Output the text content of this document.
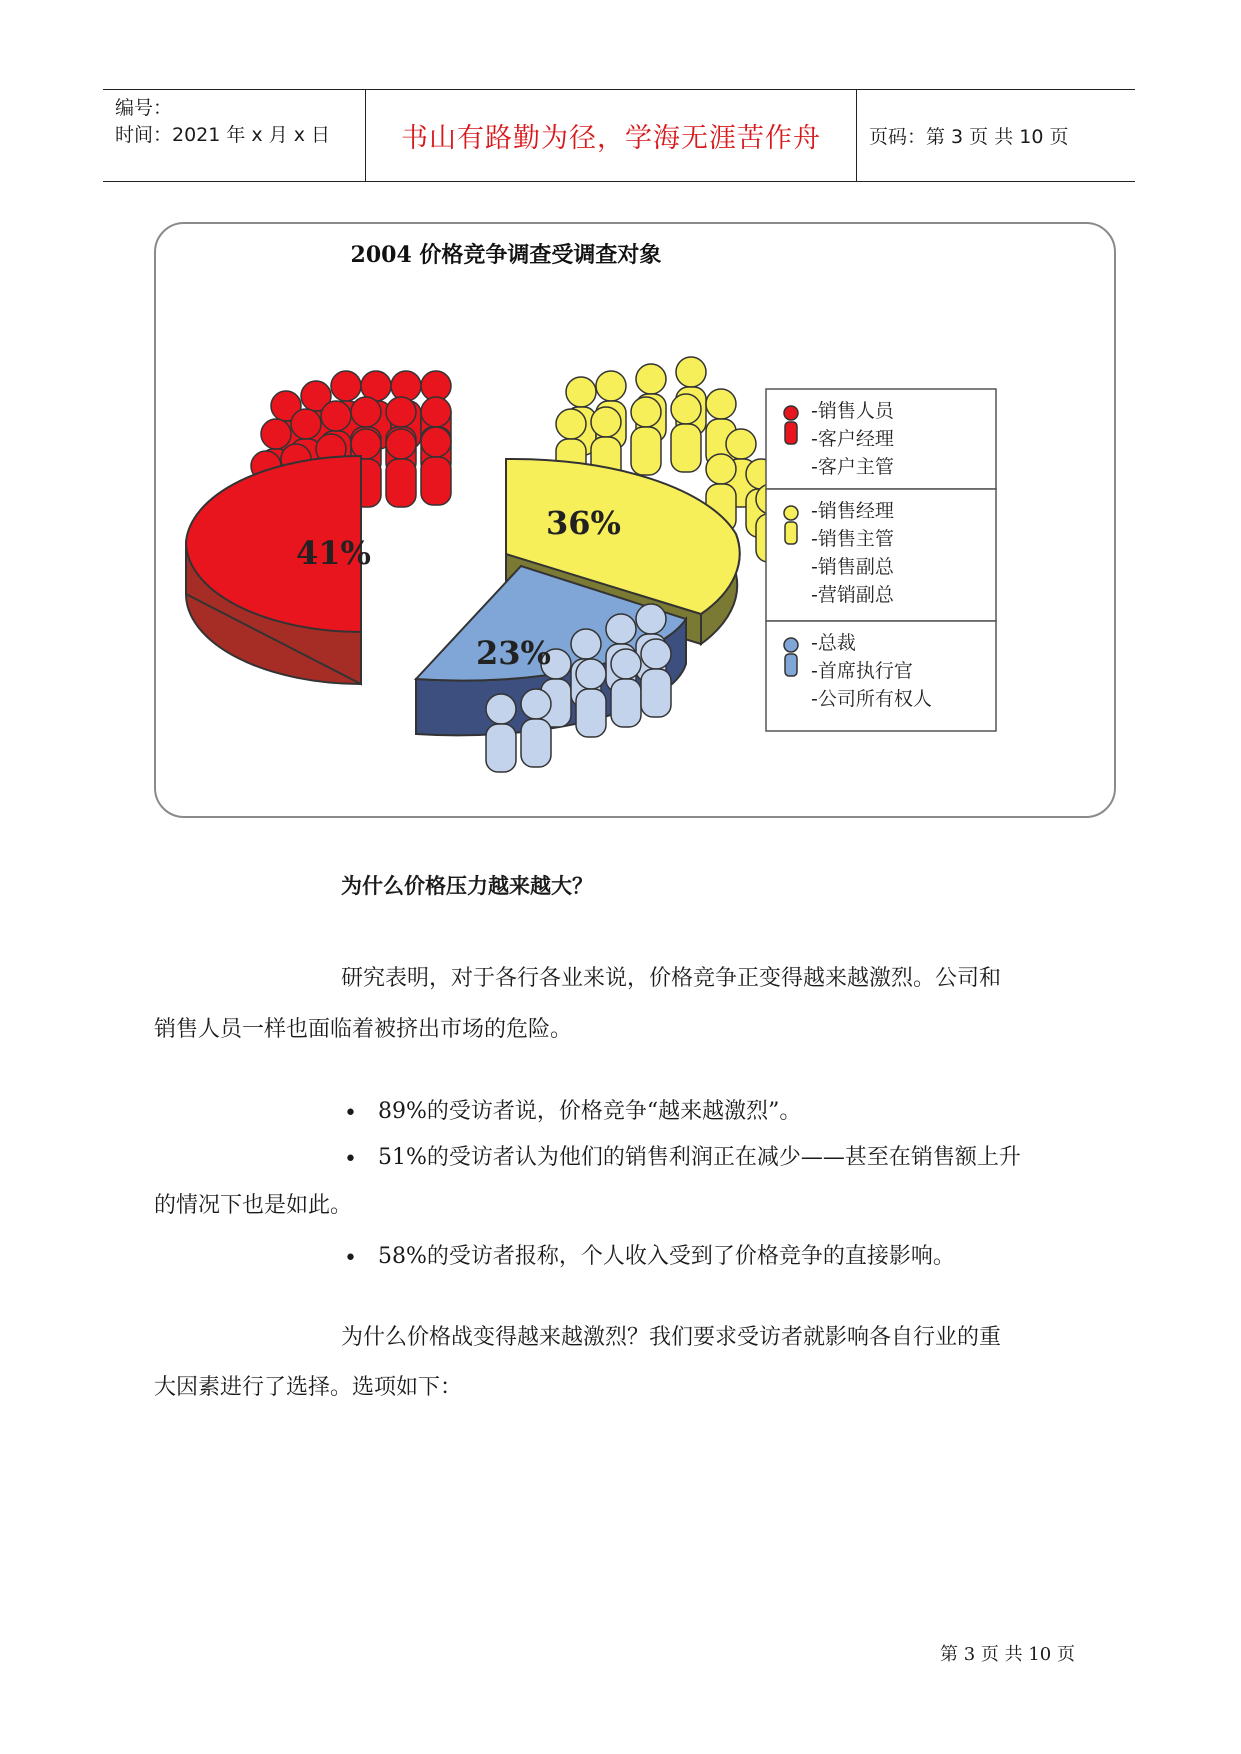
编号：
时间：2021 年 x 月 x 日	书山有路勤为径，学海无涯苦作舟	页码：第 3 页 共 10 页
2004 价格竞争调查受调查对象
41%
36%
23%
-销售人员
-客户经理
-客户主管
-销售经理
-销售主管
-销售副总
-营销副总
-总裁
-首席执行官
-公司所有权人
为什么价格压力越来越大？
研究表明，对于各行各业来说，价格竞争正变得越来越激烈。公司和
销售人员一样也面临着被挤出市场的危险。
• 89%的受访者说，价格竞争“越来越激烈”。
• 51%的受访者认为他们的销售利润正在减少——甚至在销售额上升
的情况下也是如此。
• 58%的受访者报称，个人收入受到了价格竞争的直接影响。
为什么价格战变得越来越激烈？我们要求受访者就影响各自行业的重
大因素进行了选择。选项如下：
第 3 页 共 10 页
